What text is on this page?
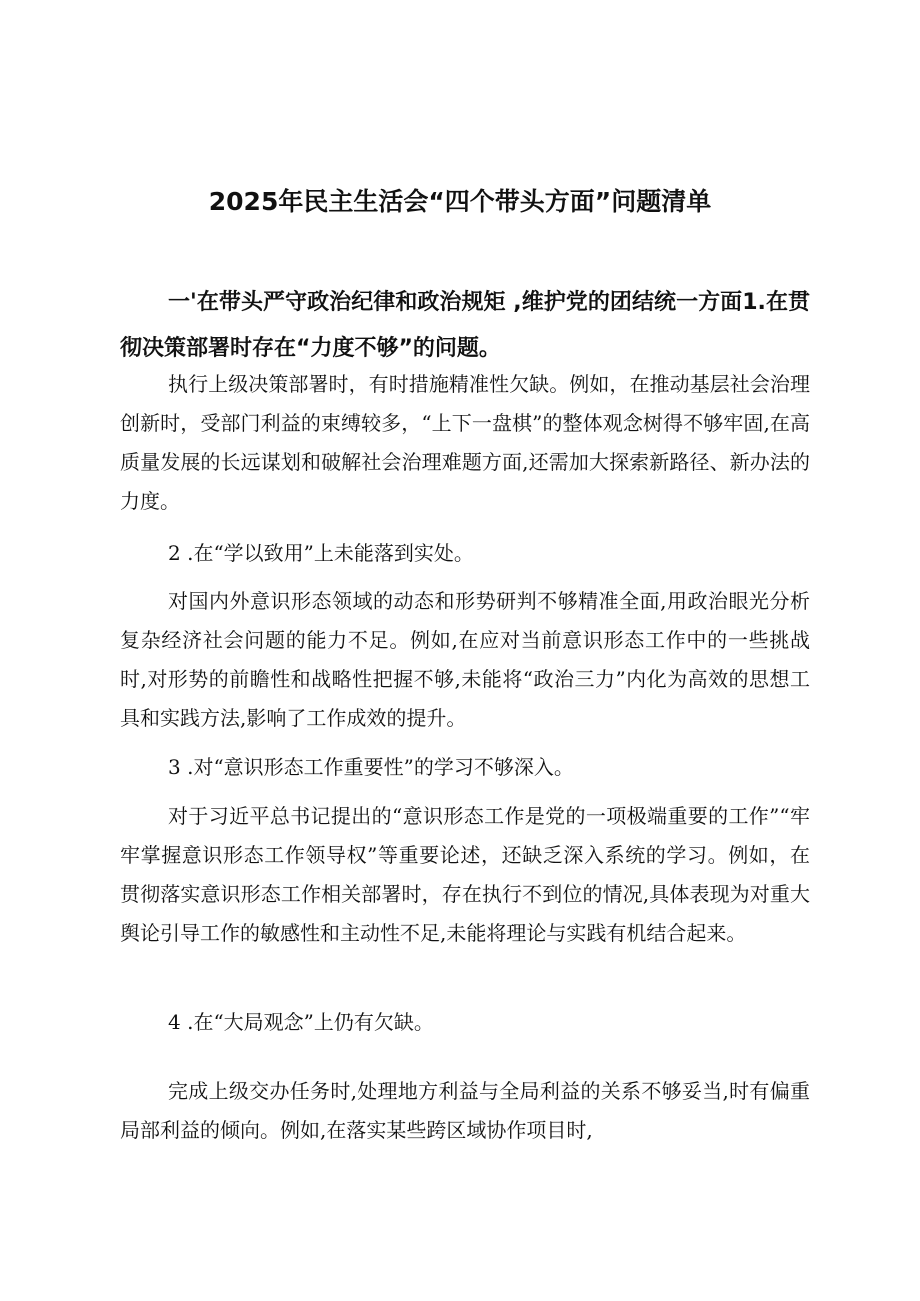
2025年民主生活会“四个带头方面”问题清单
一'在带头严守政治纪律和政治规矩 ,维护党的团结统一方面1.在贯彻决策部署时存在“力度不够”的问题。
执行上级决策部署时，有时措施精准性欠缺。例如，在推动基层社会治理创新时，受部门利益的束缚较多，“上下一盘棋”的整体观念树得不够牢固,在高质量发展的长远谋划和破解社会治理难题方面,还需加大探索新路径、新办法的力度。
2 .在“学以致用”上未能落到实处。
对国内外意识形态领域的动态和形势研判不够精准全面,用政治眼光分析复杂经济社会问题的能力不足。例如,在应对当前意识形态工作中的一些挑战时,对形势的前瞻性和战略性把握不够,未能将“政治三力”内化为高效的思想工具和实践方法,影响了工作成效的提升。
3 .对“意识形态工作重要性”的学习不够深入。
对于习近平总书记提出的“意识形态工作是党的一项极端重要的工作”“牢牢掌握意识形态工作领导权”等重要论述，还缺乏深入系统的学习。例如，在贯彻落实意识形态工作相关部署时，存在执行不到位的情况,具体表现为对重大舆论引导工作的敏感性和主动性不足,未能将理论与实践有机结合起来。
4 .在“大局观念”上仍有欠缺。
完成上级交办任务时,处理地方利益与全局利益的关系不够妥当,时有偏重局部利益的倾向。例如,在落实某些跨区域协作项目时,
